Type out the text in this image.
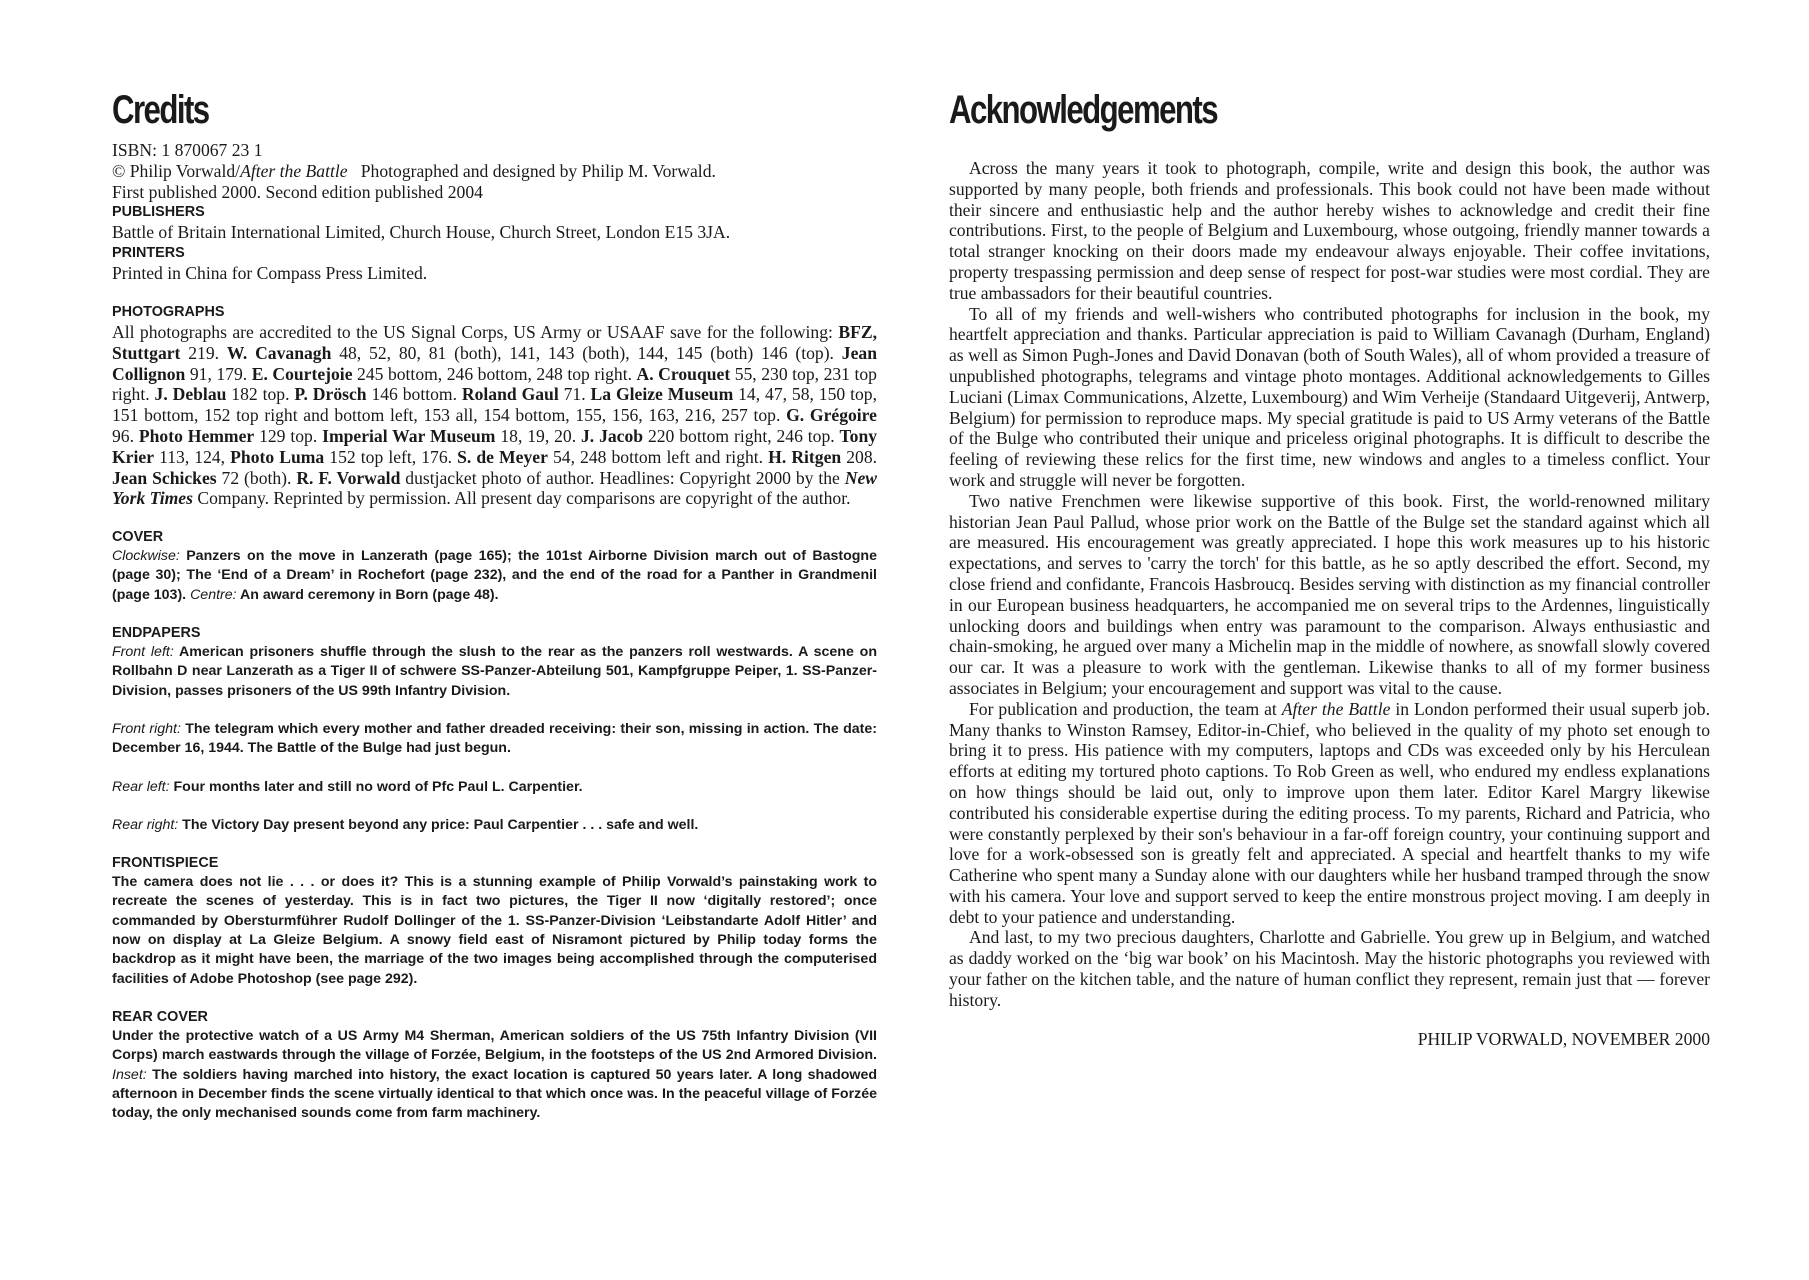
Credits
ISBN: 1 870067 23 1
© Philip Vorwald/After the Battle   Photographed and designed by Philip M. Vorwald.
First published 2000. Second edition published 2004
PUBLISHERS
Battle of Britain International Limited, Church House, Church Street, London E15 3JA.
PRINTERS
Printed in China for Compass Press Limited.
PHOTOGRAPHS
All photographs are accredited to the US Signal Corps, US Army or USAAF save for the following: BFZ, Stuttgart 219. W. Cavanagh 48, 52, 80, 81 (both), 141, 143 (both), 144, 145 (both) 146 (top). Jean Collignon 91, 179. E. Courtejoie 245 bottom, 246 bottom, 248 top right. A. Crouquet 55, 230 top, 231 top right. J. Deblau 182 top. P. Drösch 146 bottom. Roland Gaul 71. La Gleize Museum 14, 47, 58, 150 top, 151 bottom, 152 top right and bottom left, 153 all, 154 bottom, 155, 156, 163, 216, 257 top. G. Grégoire 96. Photo Hemmer 129 top. Imperial War Museum 18, 19, 20. J. Jacob 220 bottom right, 246 top. Tony Krier 113, 124, Photo Luma 152 top left, 176. S. de Meyer 54, 248 bottom left and right. H. Ritgen 208. Jean Schickes 72 (both). R. F. Vorwald dustjacket photo of author. Headlines: Copyright 2000 by the New York Times Company. Reprinted by permission. All present day comparisons are copyright of the author.
COVER
Clockwise: Panzers on the move in Lanzerath (page 165); the 101st Airborne Division march out of Bastogne (page 30); The ‘End of a Dream’ in Rochefort (page 232), and the end of the road for a Panther in Grandmenil (page 103). Centre: An award ceremony in Born (page 48).
ENDPAPERS
Front left: American prisoners shuffle through the slush to the rear as the panzers roll westwards. A scene on Rollbahn D near Lanzerath as a Tiger II of schwere SS-Panzer-Abteilung 501, Kampfgruppe Peiper, 1. SS-Panzer-Division, passes prisoners of the US 99th Infantry Division.
Front right: The telegram which every mother and father dreaded receiving: their son, missing in action. The date: December 16, 1944. The Battle of the Bulge had just begun.
Rear left: Four months later and still no word of Pfc Paul L. Carpentier.
Rear right: The Victory Day present beyond any price: Paul Carpentier . . . safe and well.
FRONTISPIECE
The camera does not lie . . . or does it? This is a stunning example of Philip Vorwald’s painstaking work to recreate the scenes of yesterday. This is in fact two pictures, the Tiger II now ‘digitally restored’; once commanded by Obersturmführer Rudolf Dollinger of the 1. SS-Panzer-Division ‘Leibstandarte Adolf Hitler’ and now on display at La Gleize Belgium. A snowy field east of Nisramont pictured by Philip today forms the backdrop as it might have been, the marriage of the two images being accomplished through the computerised facilities of Adobe Photoshop (see page 292).
REAR COVER
Under the protective watch of a US Army M4 Sherman, American soldiers of the US 75th Infantry Division (VII Corps) march eastwards through the village of Forzée, Belgium, in the footsteps of the US 2nd Armored Division. Inset: The soldiers having marched into history, the exact location is captured 50 years later. A long shadowed afternoon in December finds the scene virtually identical to that which once was. In the peaceful village of Forzée today, the only mechanised sounds come from farm machinery.
Acknowledgements

Across the many years it took to photograph, compile, write and design this book, the author was supported by many people, both friends and professionals. This book could not have been made without their sincere and enthusiastic help and the author hereby wishes to acknowledge and credit their fine contributions. First, to the people of Belgium and Luxembourg, whose outgoing, friendly manner towards a total stranger knocking on their doors made my endeavour always enjoyable. Their coffee invitations, property trespassing permission and deep sense of respect for post-war studies were most cordial. They are true ambassadors for their beautiful countries.

To all of my friends and well-wishers who contributed photographs for inclusion in the book, my heartfelt appreciation and thanks. Particular appreciation is paid to William Cavanagh (Durham, England) as well as Simon Pugh-Jones and David Donavan (both of South Wales), all of whom provided a treasure of unpublished photographs, telegrams and vintage photo montages. Additional acknowledgements to Gilles Luciani (Limax Communications, Alzette, Luxembourg) and Wim Verheije (Standaard Uitgeverij, Antwerp, Belgium) for permission to reproduce maps. My special gratitude is paid to US Army veterans of the Battle of the Bulge who contributed their unique and priceless original photographs. It is difficult to describe the feeling of reviewing these relics for the first time, new windows and angles to a timeless conflict. Your work and struggle will never be forgotten.

Two native Frenchmen were likewise supportive of this book. First, the world-renowned military historian Jean Paul Pallud, whose prior work on the Battle of the Bulge set the standard against which all are measured. His encouragement was greatly appreciated. I hope this work measures up to his historic expectations, and serves to 'carry the torch' for this battle, as he so aptly described the effort. Second, my close friend and confidante, Francois Hasbroucq. Besides serving with distinction as my financial controller in our European business headquarters, he accompanied me on several trips to the Ardennes, linguistically unlocking doors and buildings when entry was paramount to the comparison. Always enthusiastic and chain-smoking, he argued over many a Michelin map in the middle of nowhere, as snowfall slowly covered our car. It was a pleasure to work with the gentleman. Likewise thanks to all of my former business associates in Belgium; your encouragement and support was vital to the cause.

For publication and production, the team at After the Battle in London performed their usual superb job. Many thanks to Winston Ramsey, Editor-in-Chief, who believed in the quality of my photo set enough to bring it to press. His patience with my computers, laptops and CDs was exceeded only by his Herculean efforts at editing my tortured photo captions. To Rob Green as well, who endured my endless explanations on how things should be laid out, only to improve upon them later. Editor Karel Margry likewise contributed his considerable expertise during the editing process. To my parents, Richard and Patricia, who were constantly perplexed by their son's behaviour in a far-off foreign country, your continuing support and love for a work-obsessed son is greatly felt and appreciated. A special and heartfelt thanks to my wife Catherine who spent many a Sunday alone with our daughters while her husband tramped through the snow with his camera. Your love and support served to keep the entire monstrous project moving. I am deeply in debt to your patience and understanding.

And last, to my two precious daughters, Charlotte and Gabrielle. You grew up in Belgium, and watched as daddy worked on the ‘big war book’ on his Macintosh. May the historic photographs you reviewed with your father on the kitchen table, and the nature of human conflict they represent, remain just that — forever history.

PHILIP VORWALD, NOVEMBER 2000
